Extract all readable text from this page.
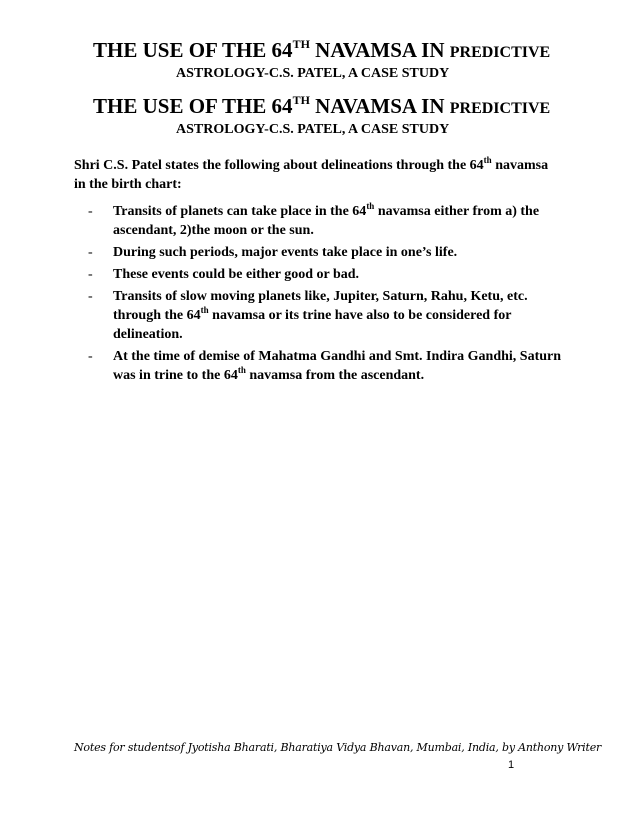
THE USE OF THE 64TH NAVAMSA IN PREDICTIVE
ASTROLOGY-C.S. PATEL, A CASE STUDY
THE USE OF THE 64TH NAVAMSA IN PREDICTIVE
ASTROLOGY-C.S. PATEL, A CASE STUDY

Shri C.S. Patel states the following about delineations through the 64th navamsa in the birth chart:

- Transits of planets can take place in the 64th navamsa either from a) the ascendant, 2)the moon or the sun.
- During such periods, major events take place in one’s life.
- These events could be either good or bad.
- Transits of slow moving planets like, Jupiter, Saturn, Rahu, Ketu, etc. through the 64th navamsa or its trine have also to be considered for delineation.
- At the time of demise of Mahatma Gandhi and Smt. Indira Gandhi, Saturn was in trine to the 64th navamsa from the ascendant.
Notes for studentsof Jyotisha Bharati, Bharatiya Vidya Bhavan, Mumbai, India, by Anthony Writer
1
